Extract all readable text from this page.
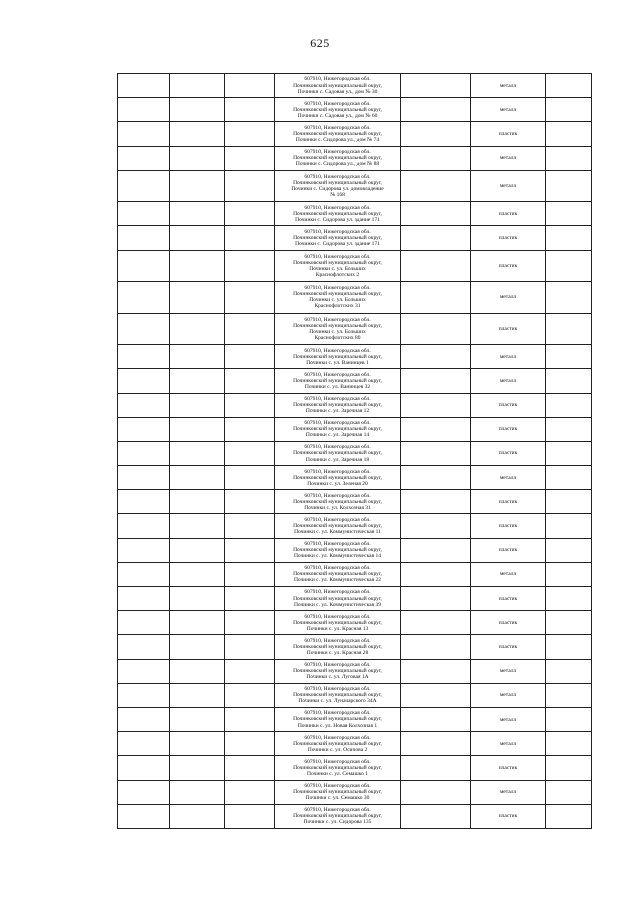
625

			607910, Нижегородская обл.
Починковский муниципальный округ,
Починки с. Садовая ул., дом № 30		металл	

			607910, Нижегородская обл.
Починковский муниципальный округ,
Починки с. Садовая ул., дом № 60		металл	

			607910, Нижегородская обл.
Починковский муниципальный округ,
Починки с. Сидорова ул., дом № 74		пластик	

			607910, Нижегородская обл.
Починковский муниципальный округ,
Починки с. Сидорова ул., дом № 88		металл	

			607910, Нижегородская обл.
Починковский муниципальный округ,
Починки с. Сидорова ул. домовладение
№ 168		металл	

			607910, Нижегородская обл.
Починковский муниципальный округ,
Починки с. Сидорова ул. здание 171		пластик	

			607910, Нижегородская обл.
Починковский муниципальный округ,
Починки с. Сидорова ул. здание 171		пластик	

			607910, Нижегородская обл.
Починковский муниципальный округ,
Починки с. ул. Больших
Краснофлотских 2		пластик	

			607910, Нижегородская обл.
Починковский муниципальный округ,
Починки с. ул. Больших
Краснофлотских 31		металл	

			607910, Нижегородская обл.
Починковский муниципальный округ,
Починки с. ул. Больших
Краснофлотских 80		пластик	

			607910, Нижегородская обл.
Починковский муниципальный округ,
Починки с. ул. Ванинцев 1		металл	

			607910, Нижегородская обл.
Починковский муниципальный округ,
Починки с. ул. Ванинцев 32		металл	

			607910, Нижегородская обл.
Починковский муниципальный округ,
Починки с. ул. Заречная 12		пластик	

			607910, Нижегородская обл.
Починковский муниципальный округ,
Починки с. ул. Заречная 14		пластик	

			607910, Нижегородская обл.
Починковский муниципальный округ,
Починки с. ул. Заречная 18		пластик	

			607910, Нижегородская обл.
Починковский муниципальный округ,
Починки с. ул. Зеленая 20		металл	

			607910, Нижегородская обл.
Починковский муниципальный округ,
Починки с. ул. Колхозная 31		пластик	

			607910, Нижегородская обл.
Починковский муниципальный округ,
Починки с. ул. Коммунистическая 11		пластик	

			607910, Нижегородская обл.
Починковский муниципальный округ,
Починки с. ул. Коммунистическая 14		пластик	

			607910, Нижегородская обл.
Починковский муниципальный округ,
Починки с. ул. Коммунистическая 22		металл	

			607910, Нижегородская обл.
Починковский муниципальный округ,
Починки с. ул. Коммунистическая 39		пластик	

			607910, Нижегородская обл.
Починковский муниципальный округ,
Починки с. ул. Красная 13		пластик	

			607910, Нижегородская обл.
Починковский муниципальный округ,
Починки с. ул. Красная 28		пластик	

			607910, Нижегородская обл.
Починковский муниципальный округ,
Починки с. ул. Луговая 1А		металл	

			607910, Нижегородская обл.
Починковский муниципальный округ,
Починки с. ул. Луначарского 34А		металл	

			607910, Нижегородская обл.
Починковский муниципальный округ,
Починки с. ул. Новая Колхозная 1		металл	

			607910, Нижегородская обл.
Починковский муниципальный округ,
Починки с. ул. Осипова 2		металл	

			607910, Нижегородская обл.
Починковский муниципальный округ,
Починки с. ул. Семашко 1		пластик	

			607910, Нижегородская обл.
Починковский муниципальный округ,
Починки с. ул. Семашко 30		металл	

			607910, Нижегородская обл.
Починковский муниципальный округ,
Починки с. ул. Сидорова 135		пластик	
